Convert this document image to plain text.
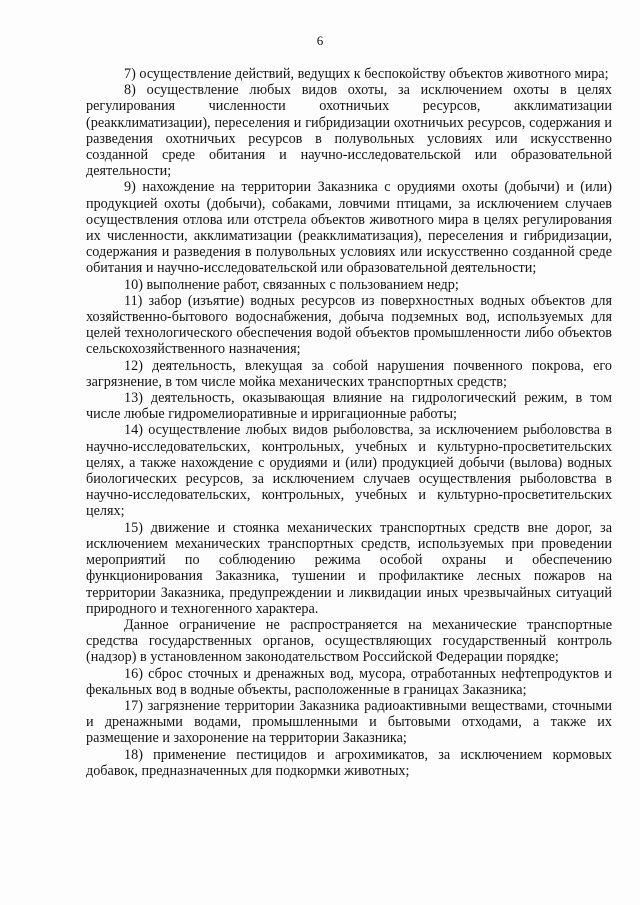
6

7) осуществление действий, ведущих к беспокойству объектов животного мира;

8) осуществление любых видов охоты, за исключением охоты в целях регулирования численности охотничьих ресурсов, акклиматизации (реакклиматизации), переселения и гибридизации охотничьих ресурсов, содержания и разведения охотничьих ресурсов в полувольных условиях или искусственно созданной среде обитания и научно-исследовательской или образовательной деятельности;

9) нахождение на территории Заказника с орудиями охоты (добычи) и (или) продукцией охоты (добычи), собаками, ловчими птицами, за исключением случаев осуществления отлова или отстрела объектов животного мира в целях регулирования их численности, акклиматизации (реакклиматизация), переселения и гибридизации, содержания и разведения в полувольных условиях или искусственно созданной среде обитания и научно-исследовательской или образовательной деятельности;

10) выполнение работ, связанных с пользованием недр;

11) забор (изъятие) водных ресурсов из поверхностных водных объектов для хозяйственно-бытового водоснабжения, добыча подземных вод, используемых для целей технологического обеспечения водой объектов промышленности либо объектов сельскохозяйственного назначения;

12) деятельность, влекущая за собой нарушения почвенного покрова, его загрязнение, в том числе мойка механических транспортных средств;

13) деятельность, оказывающая влияние на гидрологический режим, в том числе любые гидромелиоративные и ирригационные работы;

14) осуществление любых видов рыболовства, за исключением рыболовства в научно-исследовательских, контрольных, учебных и культурно-просветительских целях, а также нахождение с орудиями и (или) продукцией добычи (вылова) водных биологических ресурсов, за исключением случаев осуществления рыболовства в научно-исследовательских, контрольных, учебных и культурно-просветительских целях;

15) движение и стоянка механических транспортных средств вне дорог, за исключением механических транспортных средств, используемых при проведении мероприятий по соблюдению режима особой охраны и обеспечению функционирования Заказника, тушении и профилактике лесных пожаров на территории Заказника, предупреждении и ликвидации иных чрезвычайных ситуаций природного и техногенного характера.

Данное ограничение не распространяется на механические транспортные средства государственных органов, осуществляющих государственный контроль (надзор) в установленном законодательством Российской Федерации порядке;

16) сброс сточных и дренажных вод, мусора, отработанных нефтепродуктов и фекальных вод в водные объекты, расположенные в границах Заказника;

17) загрязнение территории Заказника радиоактивными веществами, сточными и дренажными водами, промышленными и бытовыми отходами, а также их размещение и захоронение на территории Заказника;

18) применение пестицидов и агрохимикатов, за исключением кормовых добавок, предназначенных для подкормки животных;
